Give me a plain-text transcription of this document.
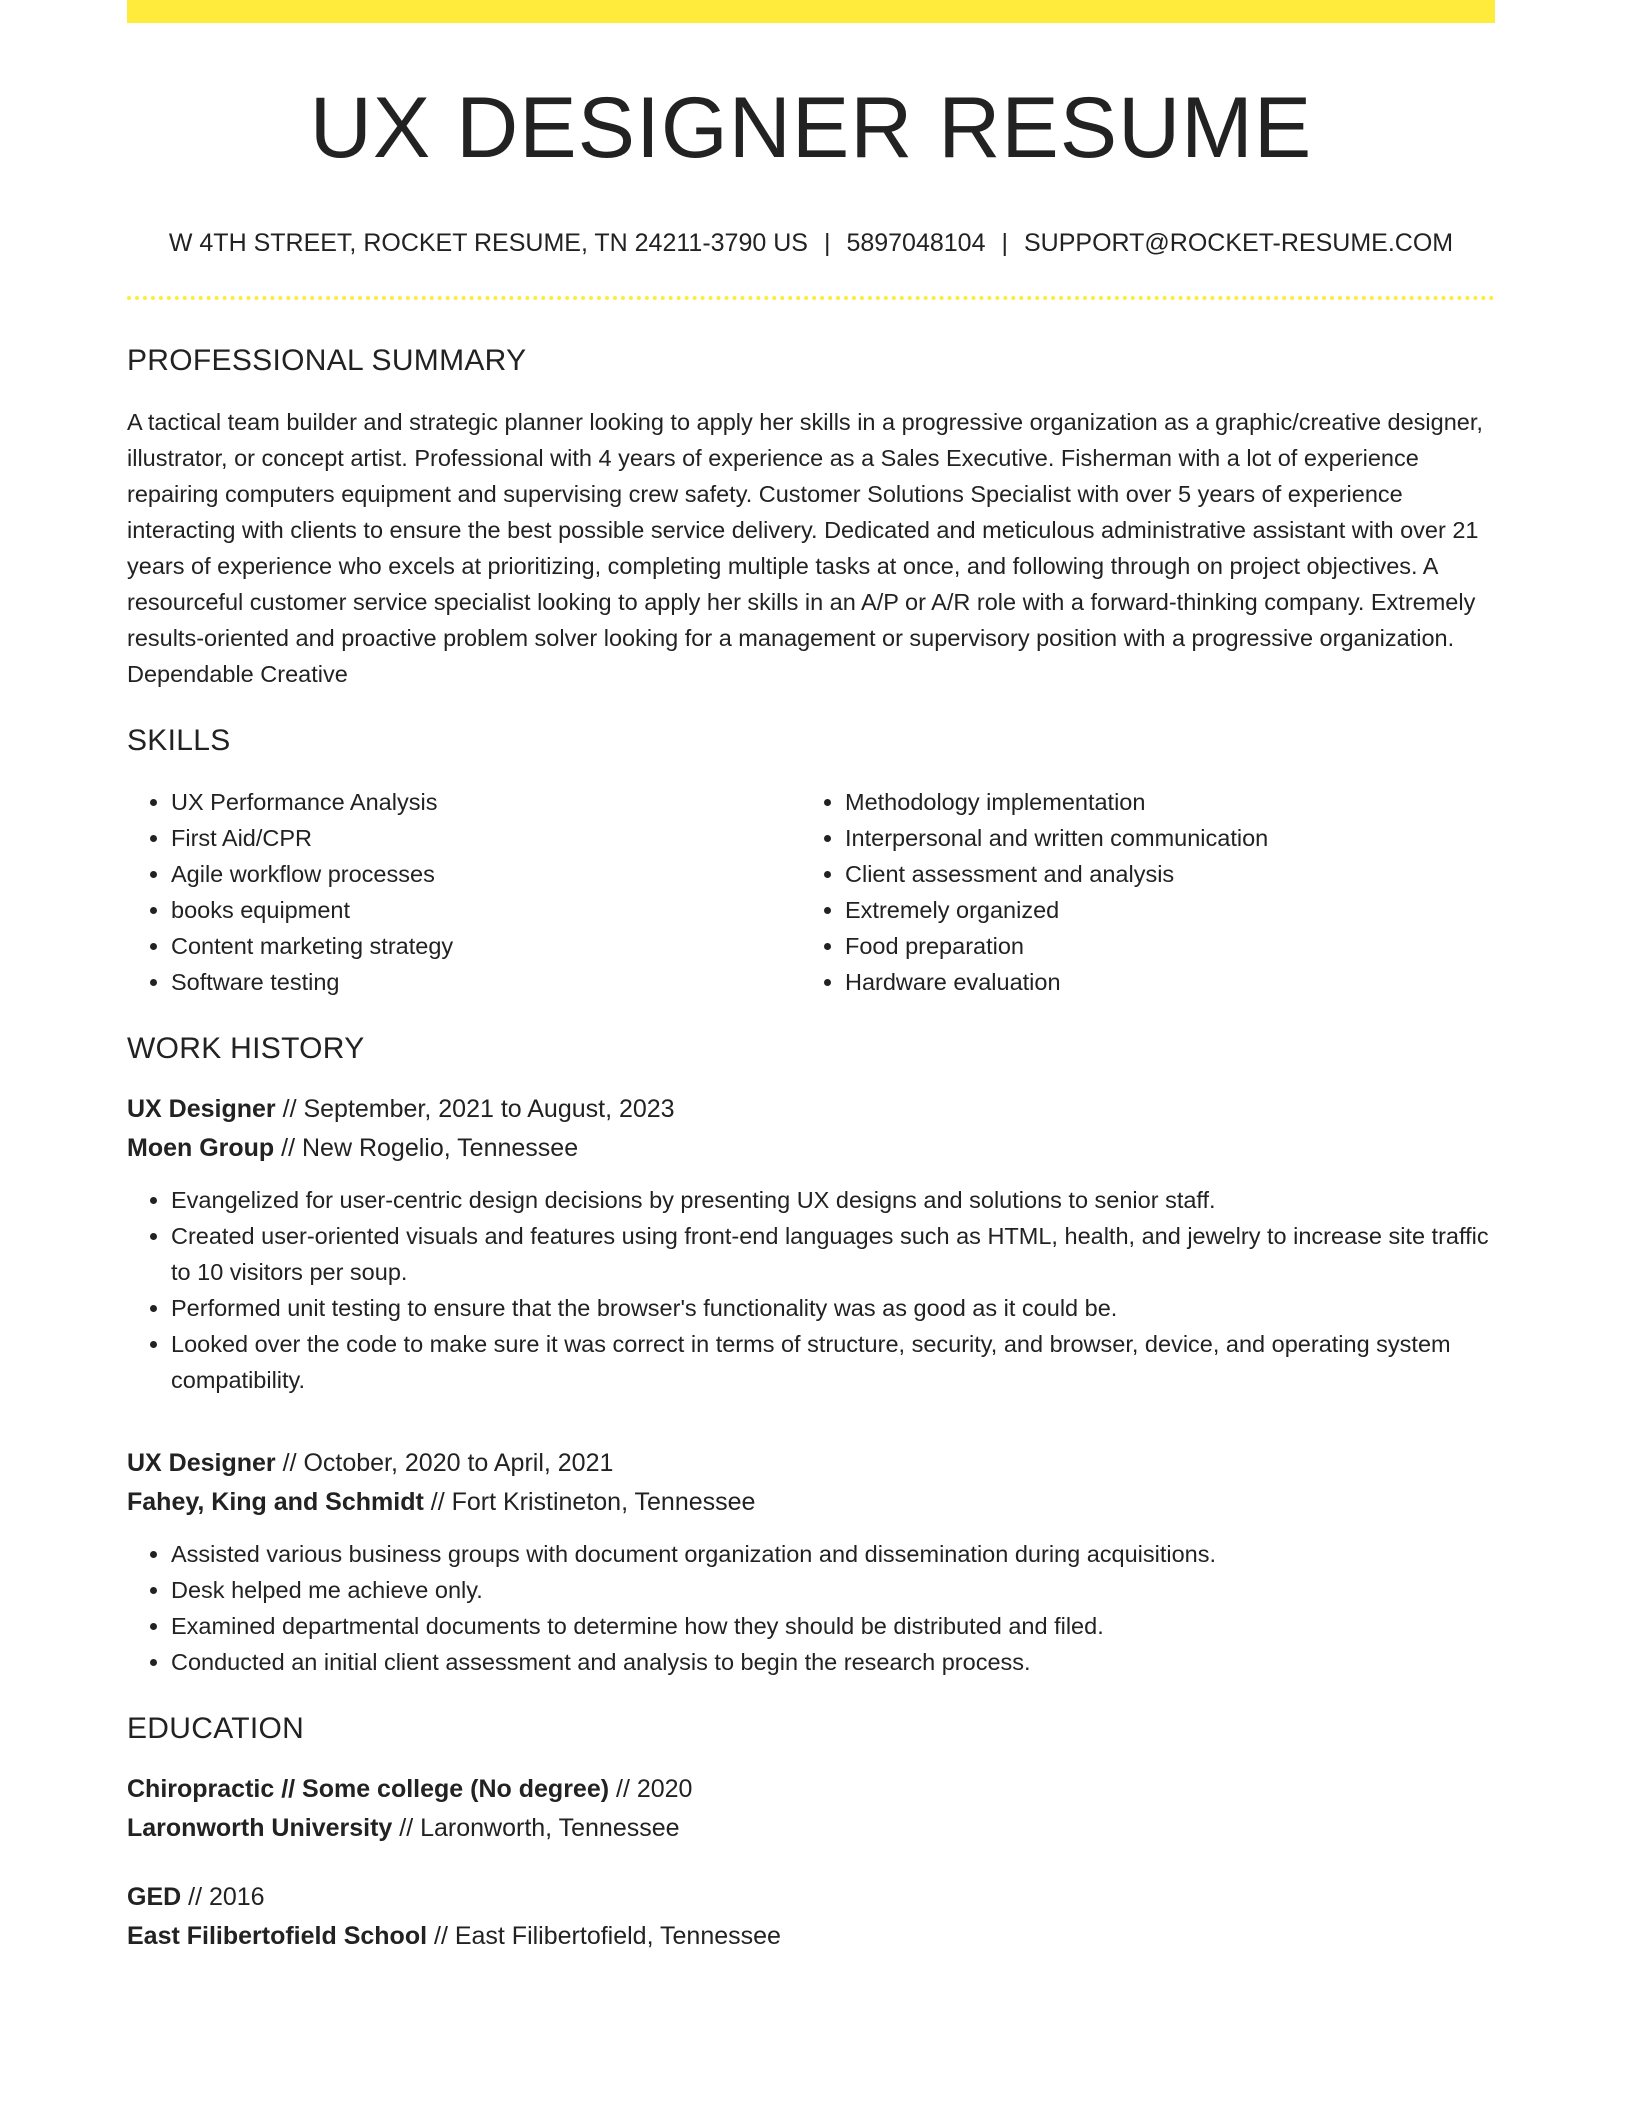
UX DESIGNER RESUME
W 4TH STREET, ROCKET RESUME, TN 24211-3790 US | 5897048104 | SUPPORT@ROCKET-RESUME.COM
PROFESSIONAL SUMMARY
A tactical team builder and strategic planner looking to apply her skills in a progressive organization as a graphic/creative designer, illustrator, or concept artist. Professional with 4 years of experience as a Sales Executive. Fisherman with a lot of experience repairing computers equipment and supervising crew safety. Customer Solutions Specialist with over 5 years of experience interacting with clients to ensure the best possible service delivery. Dedicated and meticulous administrative assistant with over 21 years of experience who excels at prioritizing, completing multiple tasks at once, and following through on project objectives. A resourceful customer service specialist looking to apply her skills in an A/P or A/R role with a forward-thinking company. Extremely results-oriented and proactive problem solver looking for a management or supervisory position with a progressive organization. Dependable Creative
SKILLS
• UX Performance Analysis
• First Aid/CPR
• Agile workflow processes
• books equipment
• Content marketing strategy
• Software testing
• Methodology implementation
• Interpersonal and written communication
• Client assessment and analysis
• Extremely organized
• Food preparation
• Hardware evaluation
WORK HISTORY
UX Designer // September, 2021 to August, 2023
Moen Group // New Rogelio, Tennessee
• Evangelized for user-centric design decisions by presenting UX designs and solutions to senior staff.
• Created user-oriented visuals and features using front-end languages such as HTML, health, and jewelry to increase site traffic to 10 visitors per soup.
• Performed unit testing to ensure that the browser's functionality was as good as it could be.
• Looked over the code to make sure it was correct in terms of structure, security, and browser, device, and operating system compatibility.
UX Designer // October, 2020 to April, 2021
Fahey, King and Schmidt // Fort Kristineton, Tennessee
• Assisted various business groups with document organization and dissemination during acquisitions.
• Desk helped me achieve only.
• Examined departmental documents to determine how they should be distributed and filed.
• Conducted an initial client assessment and analysis to begin the research process.
EDUCATION
Chiropractic // Some college (No degree) // 2020
Laronworth University // Laronworth, Tennessee
GED // 2016
East Filibertofield School // East Filibertofield, Tennessee
